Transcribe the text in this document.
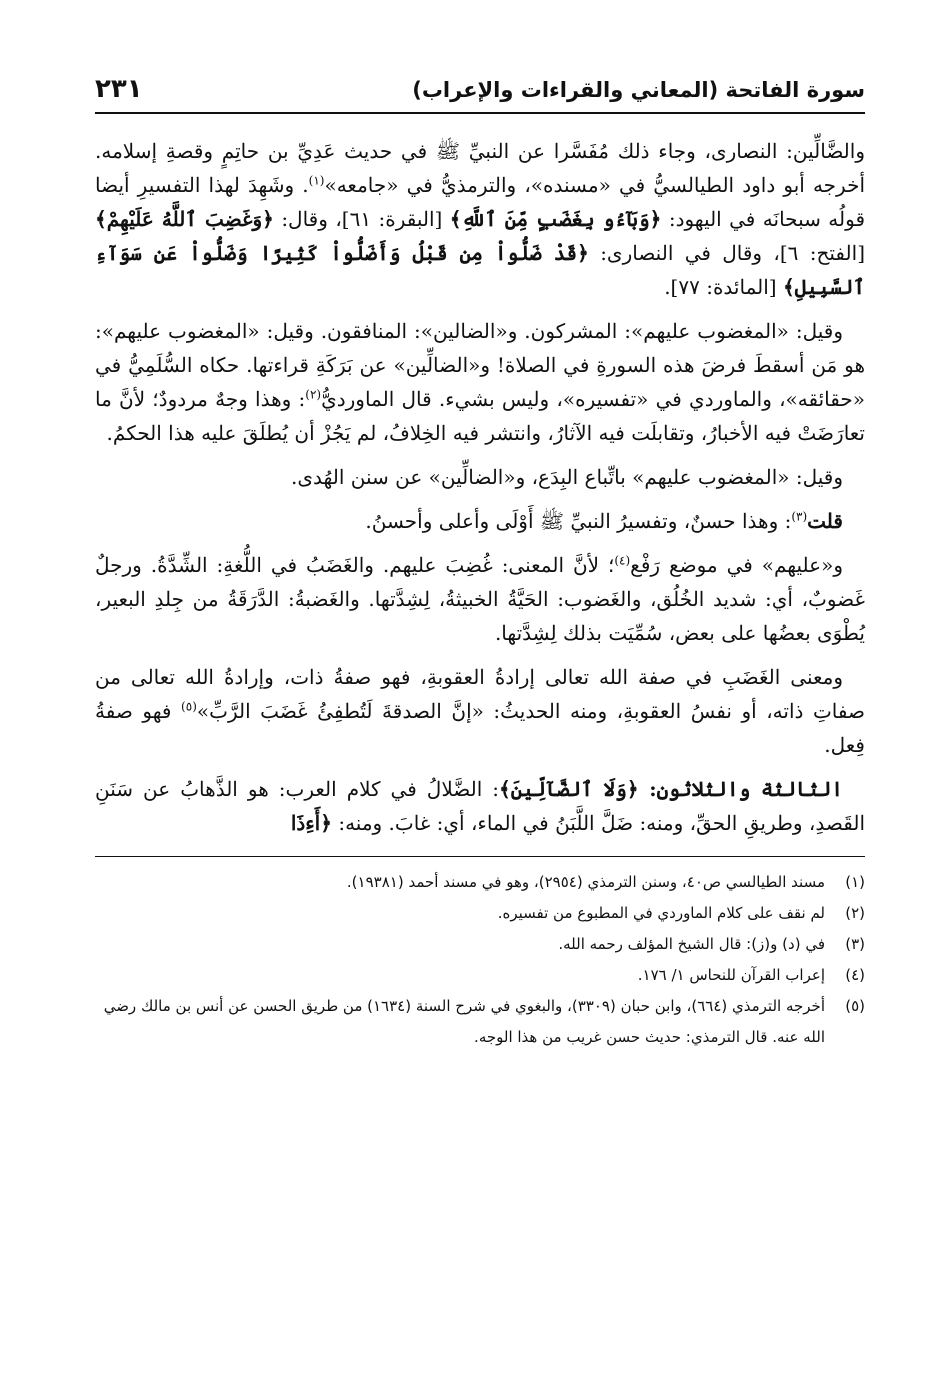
سورة الفاتحة (المعاني والقراءات والإعراب)
٢٣١

والضَّالِّين: النصارى، وجاء ذلك مُفَسَّرا عن النبيِّ ﷺ في حديث عَدِيِّ بن حاتِمٍ وقصةِ إسلامه. أخرجه أبو داود الطيالسيُّ في «مسنده»، والترمذيُّ في «جامعه»$^{(١)}$. وشَهِدَ لهذا التفسيرِ أيضا قولُه سبحانَه في اليهود: ﴿وَبَآءُو بِغَضَبٍ مِّنَ ٱللَّهِ﴾ [البقرة: ٦١]، وقال: ﴿وَغَضِبَ ٱللَّهُ عَلَيْهِمْ﴾ [الفتح: ٦]، وقال في النصارى: ﴿قَدْ ضَلُّواْ مِن قَبْلُ وَأَضَلُّواْ كَثِيرًا وَضَلُّواْ عَن سَوَآءِ ٱلسَّبِيلِ﴾ [المائدة: ٧٧].

وقيل: «المغضوب عليهم»: المشركون. و«الضالين»: المنافقون. وقيل: «المغضوب عليهم»: هو مَن أسقطَ فرضَ هذه السورةِ في الصلاة! و«الضالِّين» عن بَرَكَةِ قراءتها. حكاه السُّلَمِيُّ في «حقائقه»، والماوردي في «تفسيره»، وليس بشيء. قال الماورديُّ$^{(٢)}$: وهذا وجهٌ مردودٌ؛ لأنَّ ما تعارَضَتْ فيه الأخبارُ، وتقابلَت فيه الآثارُ، وانتشر فيه الخِلافُ، لم يَجُزْ أن يُطلَقَ عليه هذا الحكمُ.

وقيل: «المغضوب عليهم» باتِّباع البِدَع، و«الضالِّين» عن سنن الهُدى.

قلت$^{(٣)}$: وهذا حسنٌ، وتفسيرُ النبيِّ ﷺ أَوْلَى وأعلى وأحسنُ.

و«عليهم» في موضع رَفْع$^{(٤)}$؛ لأنَّ المعنى: غُضِبَ عليهم. والغَضَبُ في اللُّغةِ: الشِّدَّةُ. ورجلٌ غَضوبٌ، أي: شديد الخُلُق، والغَضوب: الحَيَّةُ الخبيثةُ، لِشِدَّتها. والغَضبةُ: الدَّرَقَةُ من جِلدِ البعير، يُطْوَى بعضُها على بعض، سُمِّيَت بذلك لِشِدَّتها.

ومعنى الغَضَبِ في صفة الله تعالى إرادةُ العقوبةِ، فهو صفةُ ذات، وإرادةُ الله تعالى من صفاتِ ذاته، أو نفسُ العقوبةِ، ومنه الحديثُ: «إنَّ الصدقةَ لَتُطفِئُ غَضَبَ الرَّبِّ»$^{(٥)}$ فهو صفةُ فِعل.

الثالثة والثلاثون: ﴿وَلَا ٱلضَّآلِّينَ﴾: الضَّلالُ في كلام العرب: هو الذَّهابُ عن سَنَنِ القَصدِ، وطريقِ الحقِّ، ومنه: ضَلَّ اللَّبَنُ في الماء، أي: غابَ. ومنه: ﴿أَءِذَا

(١)
مسند الطيالسي ص٤٠، وسنن الترمذي (٢٩٥٤)، وهو في مسند أحمد (١٩٣٨١).
(٢)
لم نقف على كلام الماوردي في المطبوع من تفسيره.
(٣)
في (د) و(ز): قال الشيخ المؤلف رحمه الله.
(٤)
إعراب القرآن للنحاس ١/ ١٧٦.
(٥)
أخرجه الترمذي (٦٦٤)، وابن حبان (٣٣٠٩)، والبغوي في شرح السنة (١٦٣٤) من طريق الحسن عن أنس بن مالك رضي الله عنه. قال الترمذي: حديث حسن غريب من هذا الوجه.
